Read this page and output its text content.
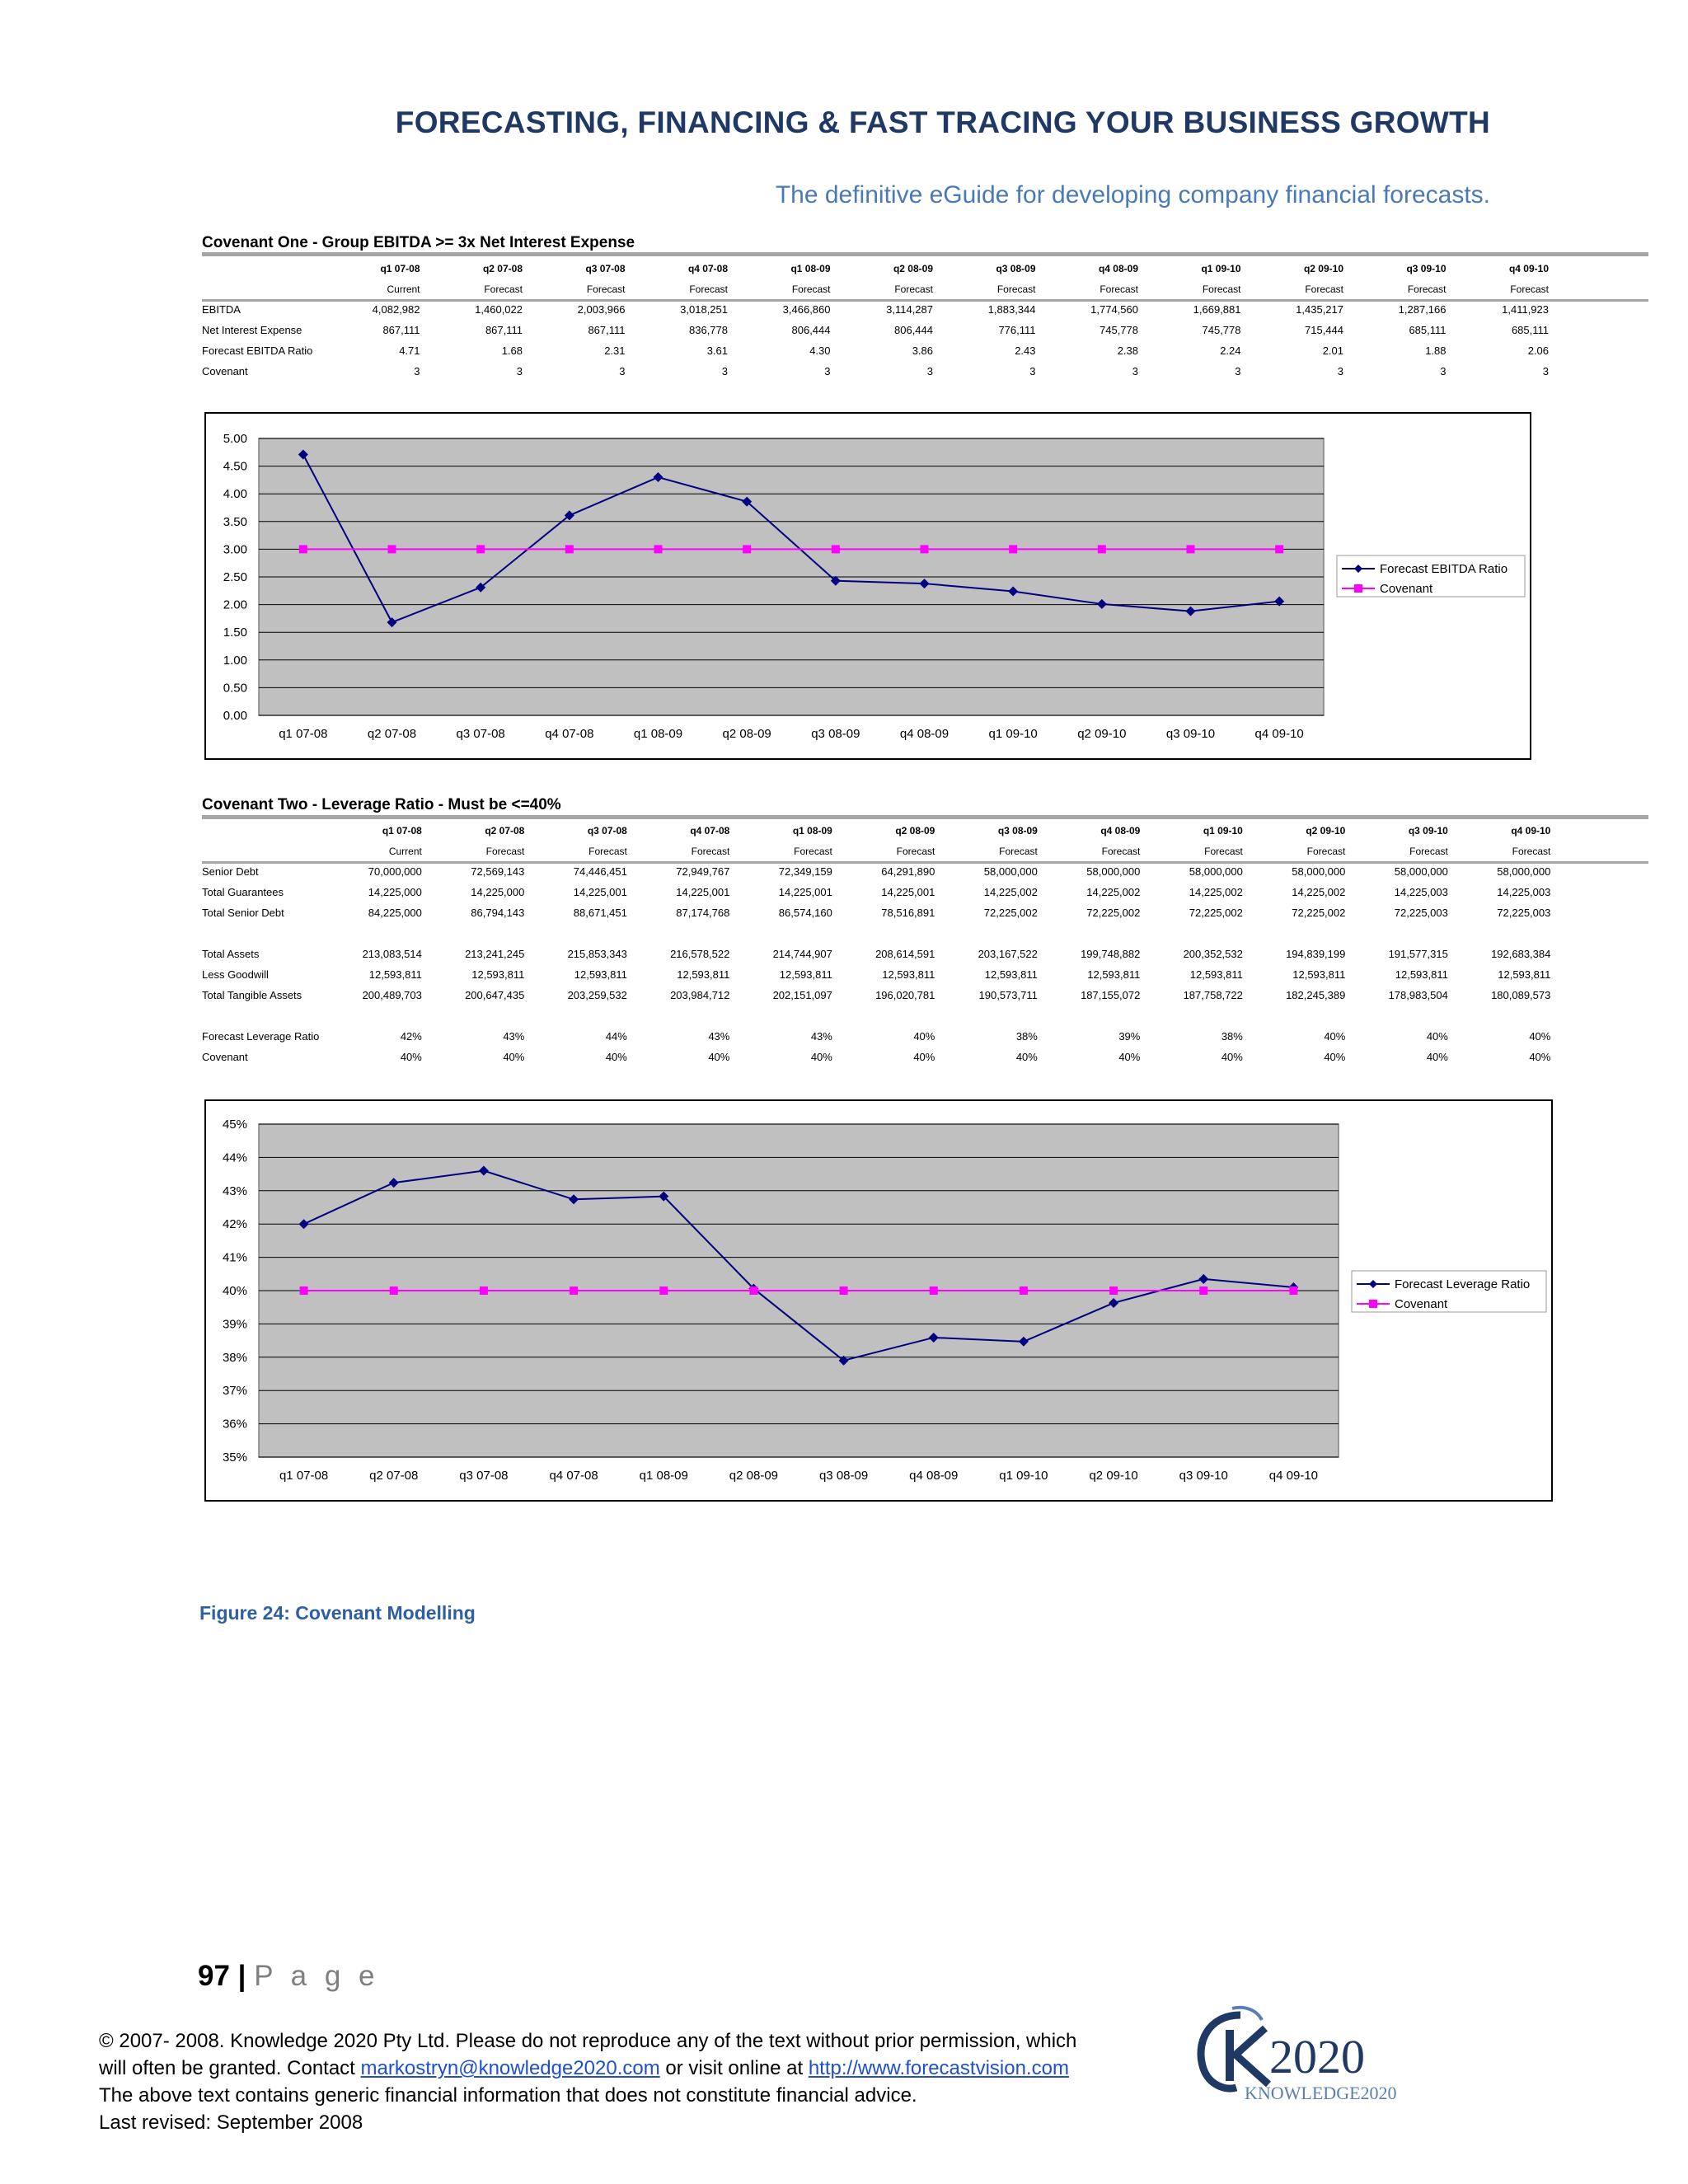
FORECASTING, FINANCING & FAST TRACING YOUR BUSINESS GROWTH
The definitive eGuide for developing company financial forecasts.
Covenant One - Group EBITDA >= 3x Net Interest Expense
	q1 07-08	q2 07-08	q3 07-08	q4 07-08	q1 08-09	q2 08-09	q3 08-09	q4 08-09	q1 09-10	q2 09-10	q3 09-10	q4 09-10
	Current	Forecast	Forecast	Forecast	Forecast	Forecast	Forecast	Forecast	Forecast	Forecast	Forecast	Forecast
EBITDA	4,082,982	1,460,022	2,003,966	3,018,251	3,466,860	3,114,287	1,883,344	1,774,560	1,669,881	1,435,217	1,287,166	1,411,923
Net Interest Expense	867,111	867,111	867,111	836,778	806,444	806,444	776,111	745,778	745,778	715,444	685,111	685,111
Forecast EBITDA Ratio	4.71	1.68	2.31	3.61	4.30	3.86	2.43	2.38	2.24	2.01	1.88	2.06
Covenant	3	3	3	3	3	3	3	3	3	3	3	3
0.00
0.50
1.00
1.50
2.00
2.50
3.00
3.50
4.00
4.50
5.00
q1 07-08	q2 07-08	q3 07-08	q4 07-08	q1 08-09	q2 08-09	q3 08-09	q4 08-09	q1 09-10	q2 09-10	q3 09-10	q4 09-10
Forecast EBITDA Ratio
Covenant
Covenant Two - Leverage Ratio - Must be <=40%
	q1 07-08	q2 07-08	q3 07-08	q4 07-08	q1 08-09	q2 08-09	q3 08-09	q4 08-09	q1 09-10	q2 09-10	q3 09-10	q4 09-10
	Current	Forecast	Forecast	Forecast	Forecast	Forecast	Forecast	Forecast	Forecast	Forecast	Forecast	Forecast
Senior Debt	70,000,000	72,569,143	74,446,451	72,949,767	72,349,159	64,291,890	58,000,000	58,000,000	58,000,000	58,000,000	58,000,000	58,000,000
Total Guarantees	14,225,000	14,225,000	14,225,001	14,225,001	14,225,001	14,225,001	14,225,002	14,225,002	14,225,002	14,225,002	14,225,003	14,225,003
Total Senior Debt	84,225,000	86,794,143	88,671,451	87,174,768	86,574,160	78,516,891	72,225,002	72,225,002	72,225,002	72,225,002	72,225,003	72,225,003

Total Assets	213,083,514	213,241,245	215,853,343	216,578,522	214,744,907	208,614,591	203,167,522	199,748,882	200,352,532	194,839,199	191,577,315	192,683,384
Less Goodwill	12,593,811	12,593,811	12,593,811	12,593,811	12,593,811	12,593,811	12,593,811	12,593,811	12,593,811	12,593,811	12,593,811	12,593,811
Total Tangible Assets	200,489,703	200,647,435	203,259,532	203,984,712	202,151,097	196,020,781	190,573,711	187,155,072	187,758,722	182,245,389	178,983,504	180,089,573

Forecast Leverage Ratio	42%	43%	44%	43%	43%	40%	38%	39%	38%	40%	40%	40%
Covenant	40%	40%	40%	40%	40%	40%	40%	40%	40%	40%	40%	40%
35%
36%
37%
38%
39%
40%
41%
42%
43%
44%
45%
q1 07-08	q2 07-08	q3 07-08	q4 07-08	q1 08-09	q2 08-09	q3 08-09	q4 08-09	q1 09-10	q2 09-10	q3 09-10	q4 09-10
Forecast Leverage Ratio
Covenant
Figure 24: Covenant Modelling
97 | P a g e
© 2007- 2008. Knowledge 2020 Pty Ltd. Please do not reproduce any of the text without prior permission, which
will often be granted. Contact markostryn@knowledge2020.com or visit online at http://www.forecastvision.com
The above text contains generic financial information that does not constitute financial advice.
Last revised: September 2008
2020
KNOWLEDGE2020
